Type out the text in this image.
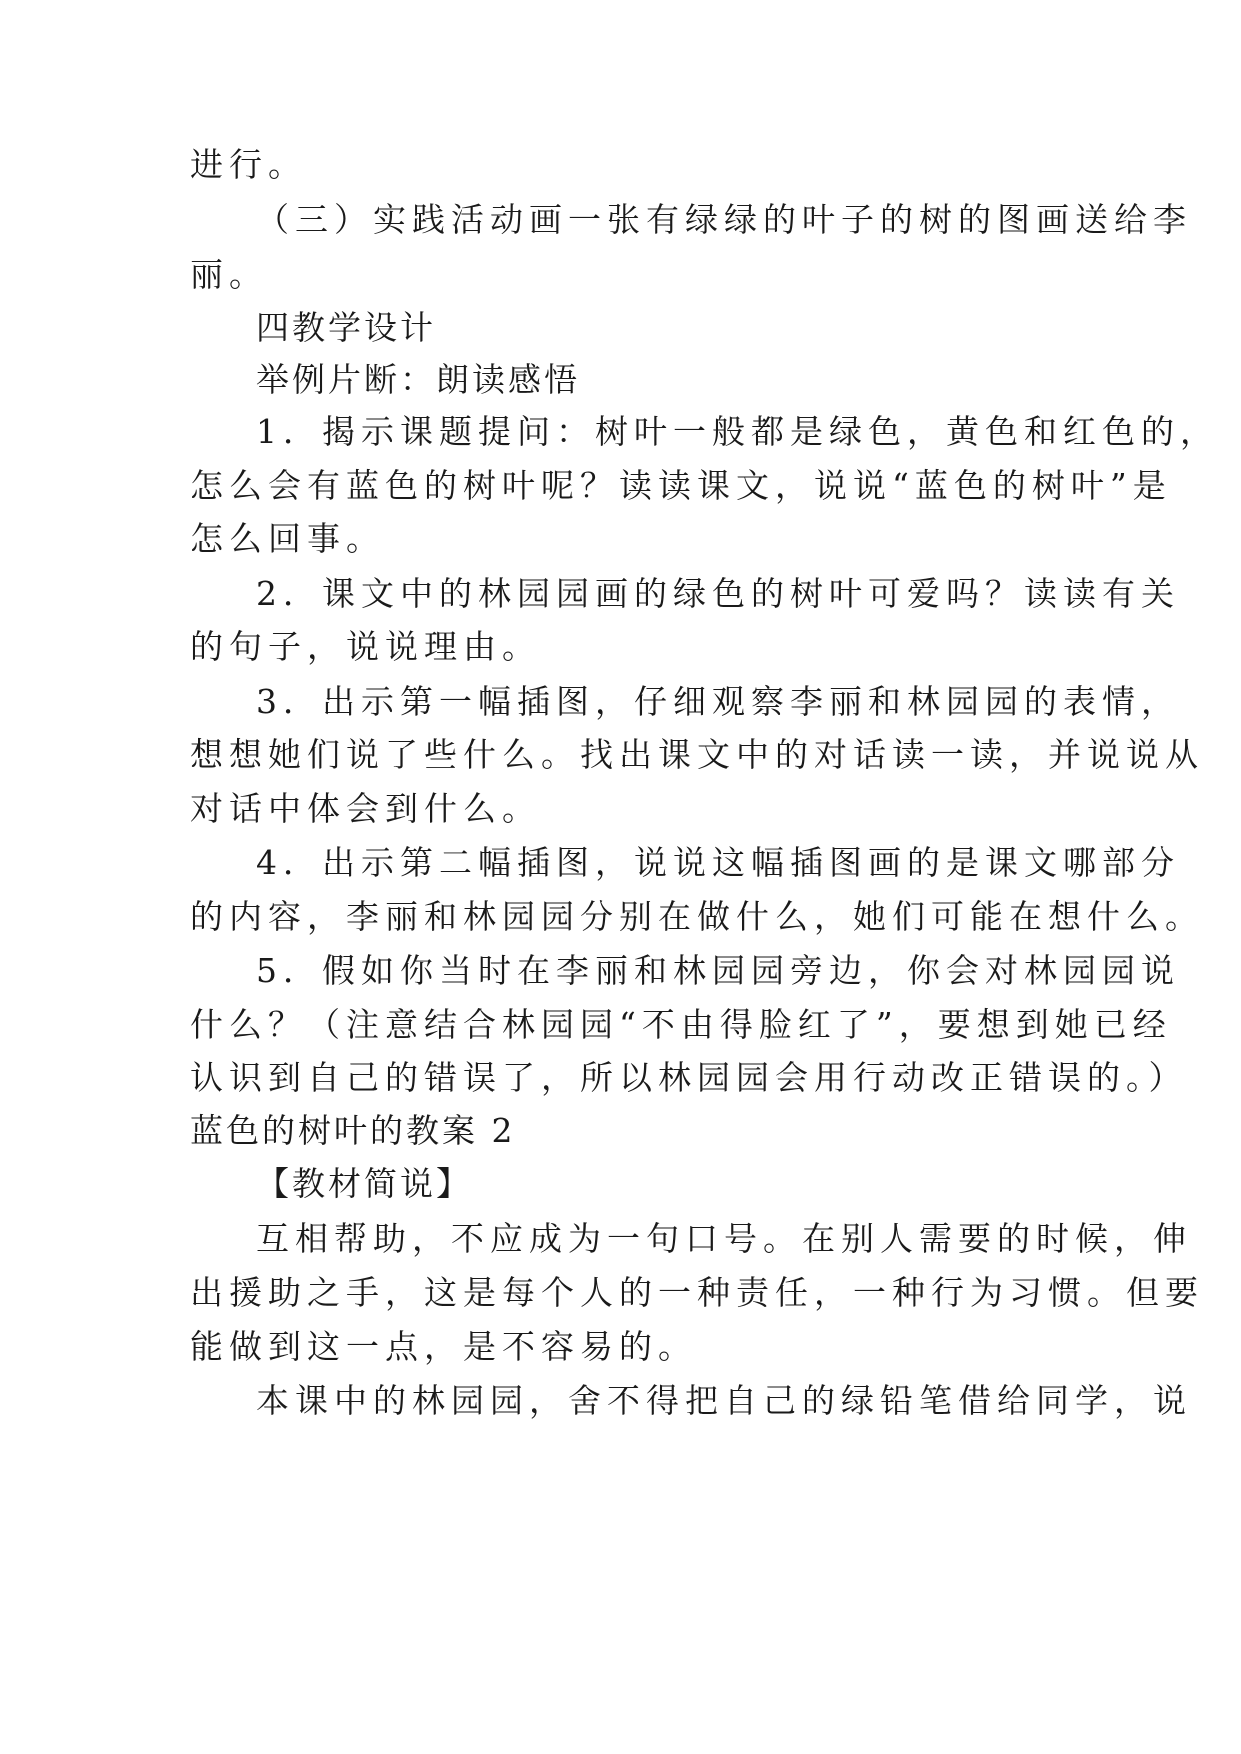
进行。
（三）实践活动画一张有绿绿的叶子的树的图画送给李
丽。
四教学设计
举例片断：朗读感悟
1．揭示课题提问：树叶一般都是绿色，黄色和红色的，
怎么会有蓝色的树叶呢？读读课文，说说“蓝色的树叶”是
怎么回事。
2．课文中的林园园画的绿色的树叶可爱吗？读读有关
的句子，说说理由。
3．出示第一幅插图，仔细观察李丽和林园园的表情，
想想她们说了些什么。找出课文中的对话读一读，并说说从
对话中体会到什么。
4．出示第二幅插图，说说这幅插图画的是课文哪部分
的内容，李丽和林园园分别在做什么，她们可能在想什么。
5．假如你当时在李丽和林园园旁边，你会对林园园说
什么？（注意结合林园园“不由得脸红了”，要想到她已经
认识到自己的错误了，所以林园园会用行动改正错误的。）
蓝色的树叶的教案 2
【教材简说】
互相帮助，不应成为一句口号。在别人需要的时候，伸
出援助之手，这是每个人的一种责任，一种行为习惯。但要
能做到这一点，是不容易的。
本课中的林园园，舍不得把自己的绿铅笔借给同学，说
